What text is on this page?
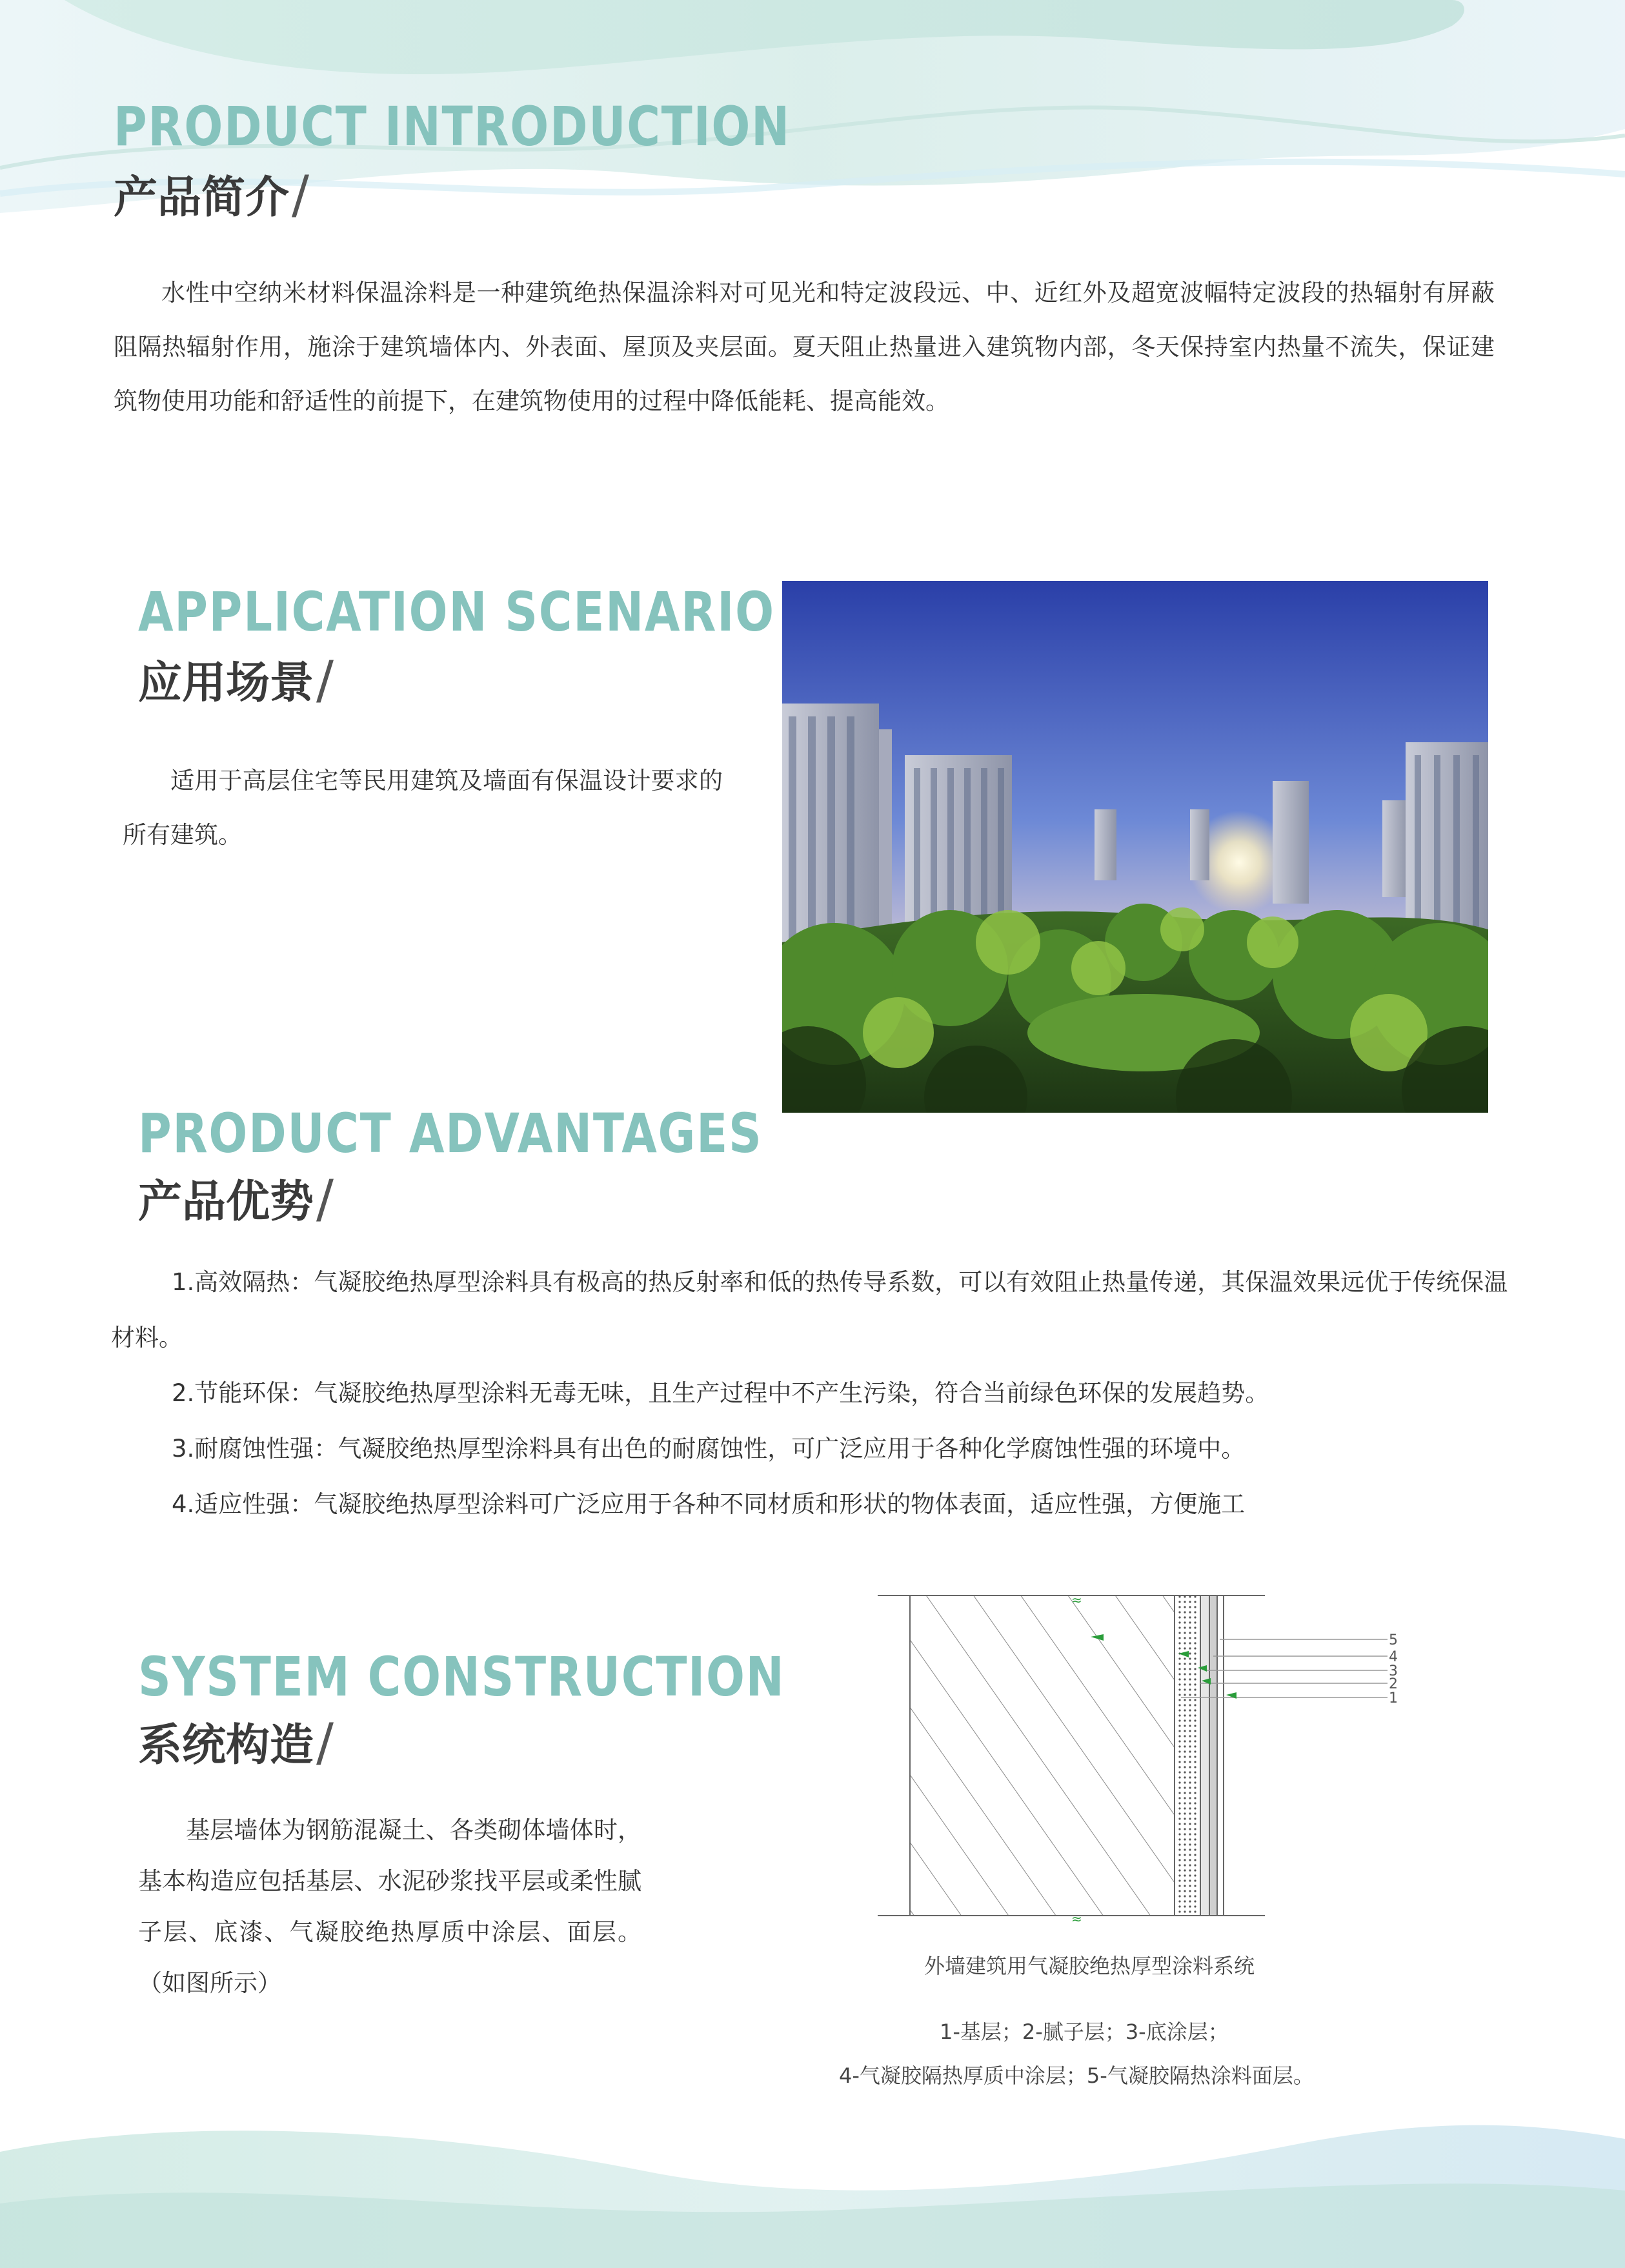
PRODUCT INTRODUCTION
产品简介/

水性中空纳米材料保温涂料是一种建筑绝热保温涂料对可见光和特定波段远、中、近红外及超宽波幅特定波段的热辐射有屏蔽阻隔热辐射作用，施涂于建筑墙体内、外表面、屋顶及夹层面。夏天阻止热量进入建筑物内部，冬天保持室内热量不流失，保证建筑物使用功能和舒适性的前提下，在建筑物使用的过程中降低能耗、提高能效。

APPLICATION SCENARIO
应用场景/

适用于高层住宅等民用建筑及墙面有保温设计要求的所有建筑。

PRODUCT ADVANTAGES
产品优势/

1.高效隔热：气凝胶绝热厚型涂料具有极高的热反射率和低的热传导系数，可以有效阻止热量传递，其保温效果远优于传统保温材料。

2.节能环保：气凝胶绝热厚型涂料无毒无味，且生产过程中不产生污染，符合当前绿色环保的发展趋势。

3.耐腐蚀性强：气凝胶绝热厚型涂料具有出色的耐腐蚀性，可广泛应用于各种化学腐蚀性强的环境中。

4.适应性强：气凝胶绝热厚型涂料可广泛应用于各种不同材质和形状的物体表面，适应性强，方便施工

SYSTEM CONSTRUCTION
系统构造/

基层墙体为钢筋混凝土、各类砌体墙体时，基本构造应包括基层、水泥砂浆找平层或柔性腻子层、底漆、气凝胶绝热厚质中涂层、面层。（如图所示）

≈
≈
5
4
3
2
1
外墙建筑用气凝胶绝热厚型涂料系统
1-基层；2-腻子层；3-底涂层；
4-气凝胶隔热厚质中涂层；5-气凝胶隔热涂料面层。
